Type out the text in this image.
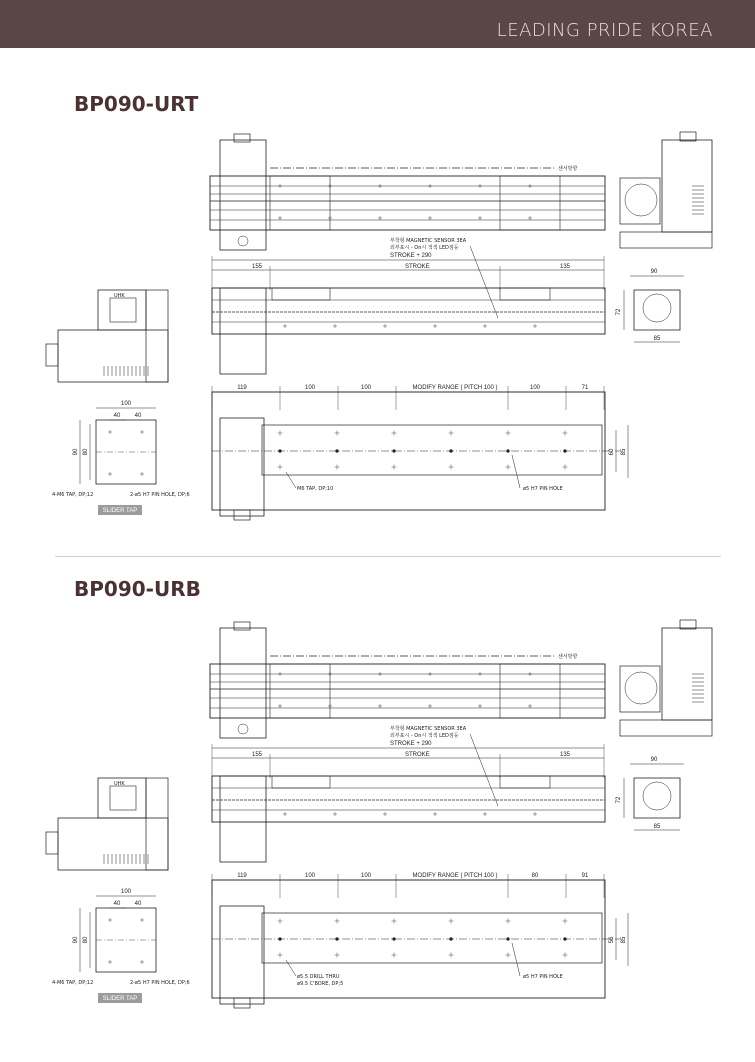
LEADING PRIDE KOREA
BP090-URT
BP090-URB
센서방향
부착형 MAGNETIC SENSOR 3EA
외부표시 - On시 적색 LED점등
STROKE + 290
155	STROKE	135
90
72
85
UHK
119	100	100	MODIFY RANGE ( PITCH 100 )	100	71
60 85
M6 TAP, DP;10	ø5 H7 PIN HOLE
100
40 40
90 80
4-M6 TAP, DP;12	2-ø5 H7 PIN HOLE, DP;6
SLIDER TAP
센서방향
부착형 MAGNETIC SENSOR 3EA
외부표시 - On시 적색 LED점등
STROKE + 290
155	STROKE	135
90
72
85
UHK
119	100	100	MODIFY RANGE ( PITCH 100 )	80	91
56 85
ø5.5 DRILL THRU
ø9.5 C'BORE, DP;5
ø5 H7 PIN HOLE
100
40 40
90 80
4-M6 TAP, DP;12	2-ø5 H7 PIN HOLE, DP;6
SLIDER TAP
